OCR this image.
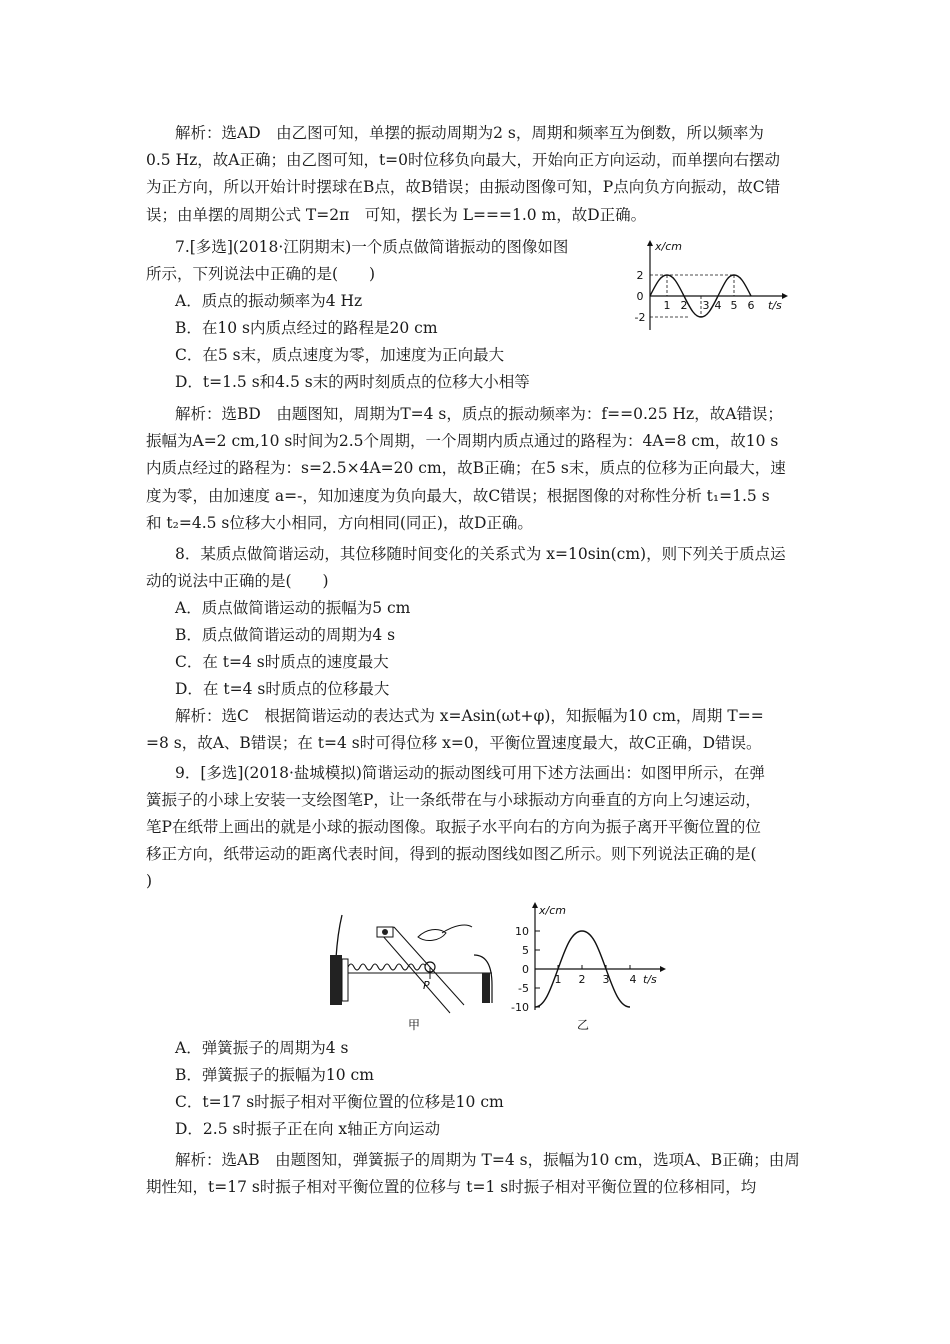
解析：选AD　由乙图可知，单摆的振动周期为2 s，周期和频率互为倒数，所以频率为
0.5 Hz，故A正确；由乙图可知，t=0时位移负向最大，开始向正方向运动，而单摆向右摆动
为正方向，所以开始计时摆球在B点，故B错误；由振动图像可知，P点向负方向振动，故C错
误；由单摆的周期公式 T=2π　可知，摆长为 L===1.0 m，故D正确。
7.[多选](2018·江阴期末)一个质点做简谐振动的图像如图
所示，下列说法中正确的是(　　)
A．质点的振动频率为4 Hz
B．在10 s内质点经过的路程是20 cm
C．在5 s末，质点速度为零，加速度为正向最大
D．t=1.5 s和4.5 s末的两时刻质点的位移大小相等
解析：选BD　由题图知，周期为T=4 s，质点的振动频率为：f==0.25 Hz，故A错误；
振幅为A=2 cm,10 s时间为2.5个周期，一个周期内质点通过的路程为：4A=8 cm，故10 s
内质点经过的路程为：s=2.5×4A=20 cm，故B正确；在5 s末，质点的位移为正向最大，速
度为零，由加速度 a=-，知加速度为负向最大，故C错误；根据图像的对称性分析 t₁=1.5 s
和 t₂=4.5 s位移大小相同，方向相同(同正)，故D正确。
8．某质点做简谐运动，其位移随时间变化的关系式为 x=10sin(cm)，则下列关于质点运
动的说法中正确的是(　　)
A．质点做简谐运动的振幅为5 cm
B．质点做简谐运动的周期为4 s
C．在 t=4 s时质点的速度最大
D．在 t=4 s时质点的位移最大
解析：选C　根据简谐运动的表达式为 x=Asin(ωt+φ)，知振幅为10 cm，周期 T==
=8 s，故A、B错误；在 t=4 s时可得位移 x=0，平衡位置速度最大，故C正确，D错误。
9．[多选](2018·盐城模拟)简谐运动的振动图线可用下述方法画出：如图甲所示，在弹
簧振子的小球上安装一支绘图笔P，让一条纸带在与小球振动方向垂直的方向上匀速运动，
笔P在纸带上画出的就是小球的振动图像。取振子水平向右的方向为振子离开平衡位置的位
移正方向，纸带运动的距离代表时间，得到的振动图线如图乙所示。则下列说法正确的是(
)
A．弹簧振子的周期为4 s
B．弹簧振子的振幅为10 cm
C．t=17 s时振子相对平衡位置的位移是10 cm
D．2.5 s时振子正在向 x轴正方向运动
解析：选AB　由题图知，弹簧振子的周期为 T=4 s，振幅为10 cm，选项A、B正确；由周
期性知，t=17 s时振子相对平衡位置的位移与 t=1 s时振子相对平衡位置的位移相同，均
x/cm
2
0
-2
1 2 3 4 5 6 t/s
P
甲
x/cm
10
5
0
-5
-10
1 2 3 4 t/s
乙
